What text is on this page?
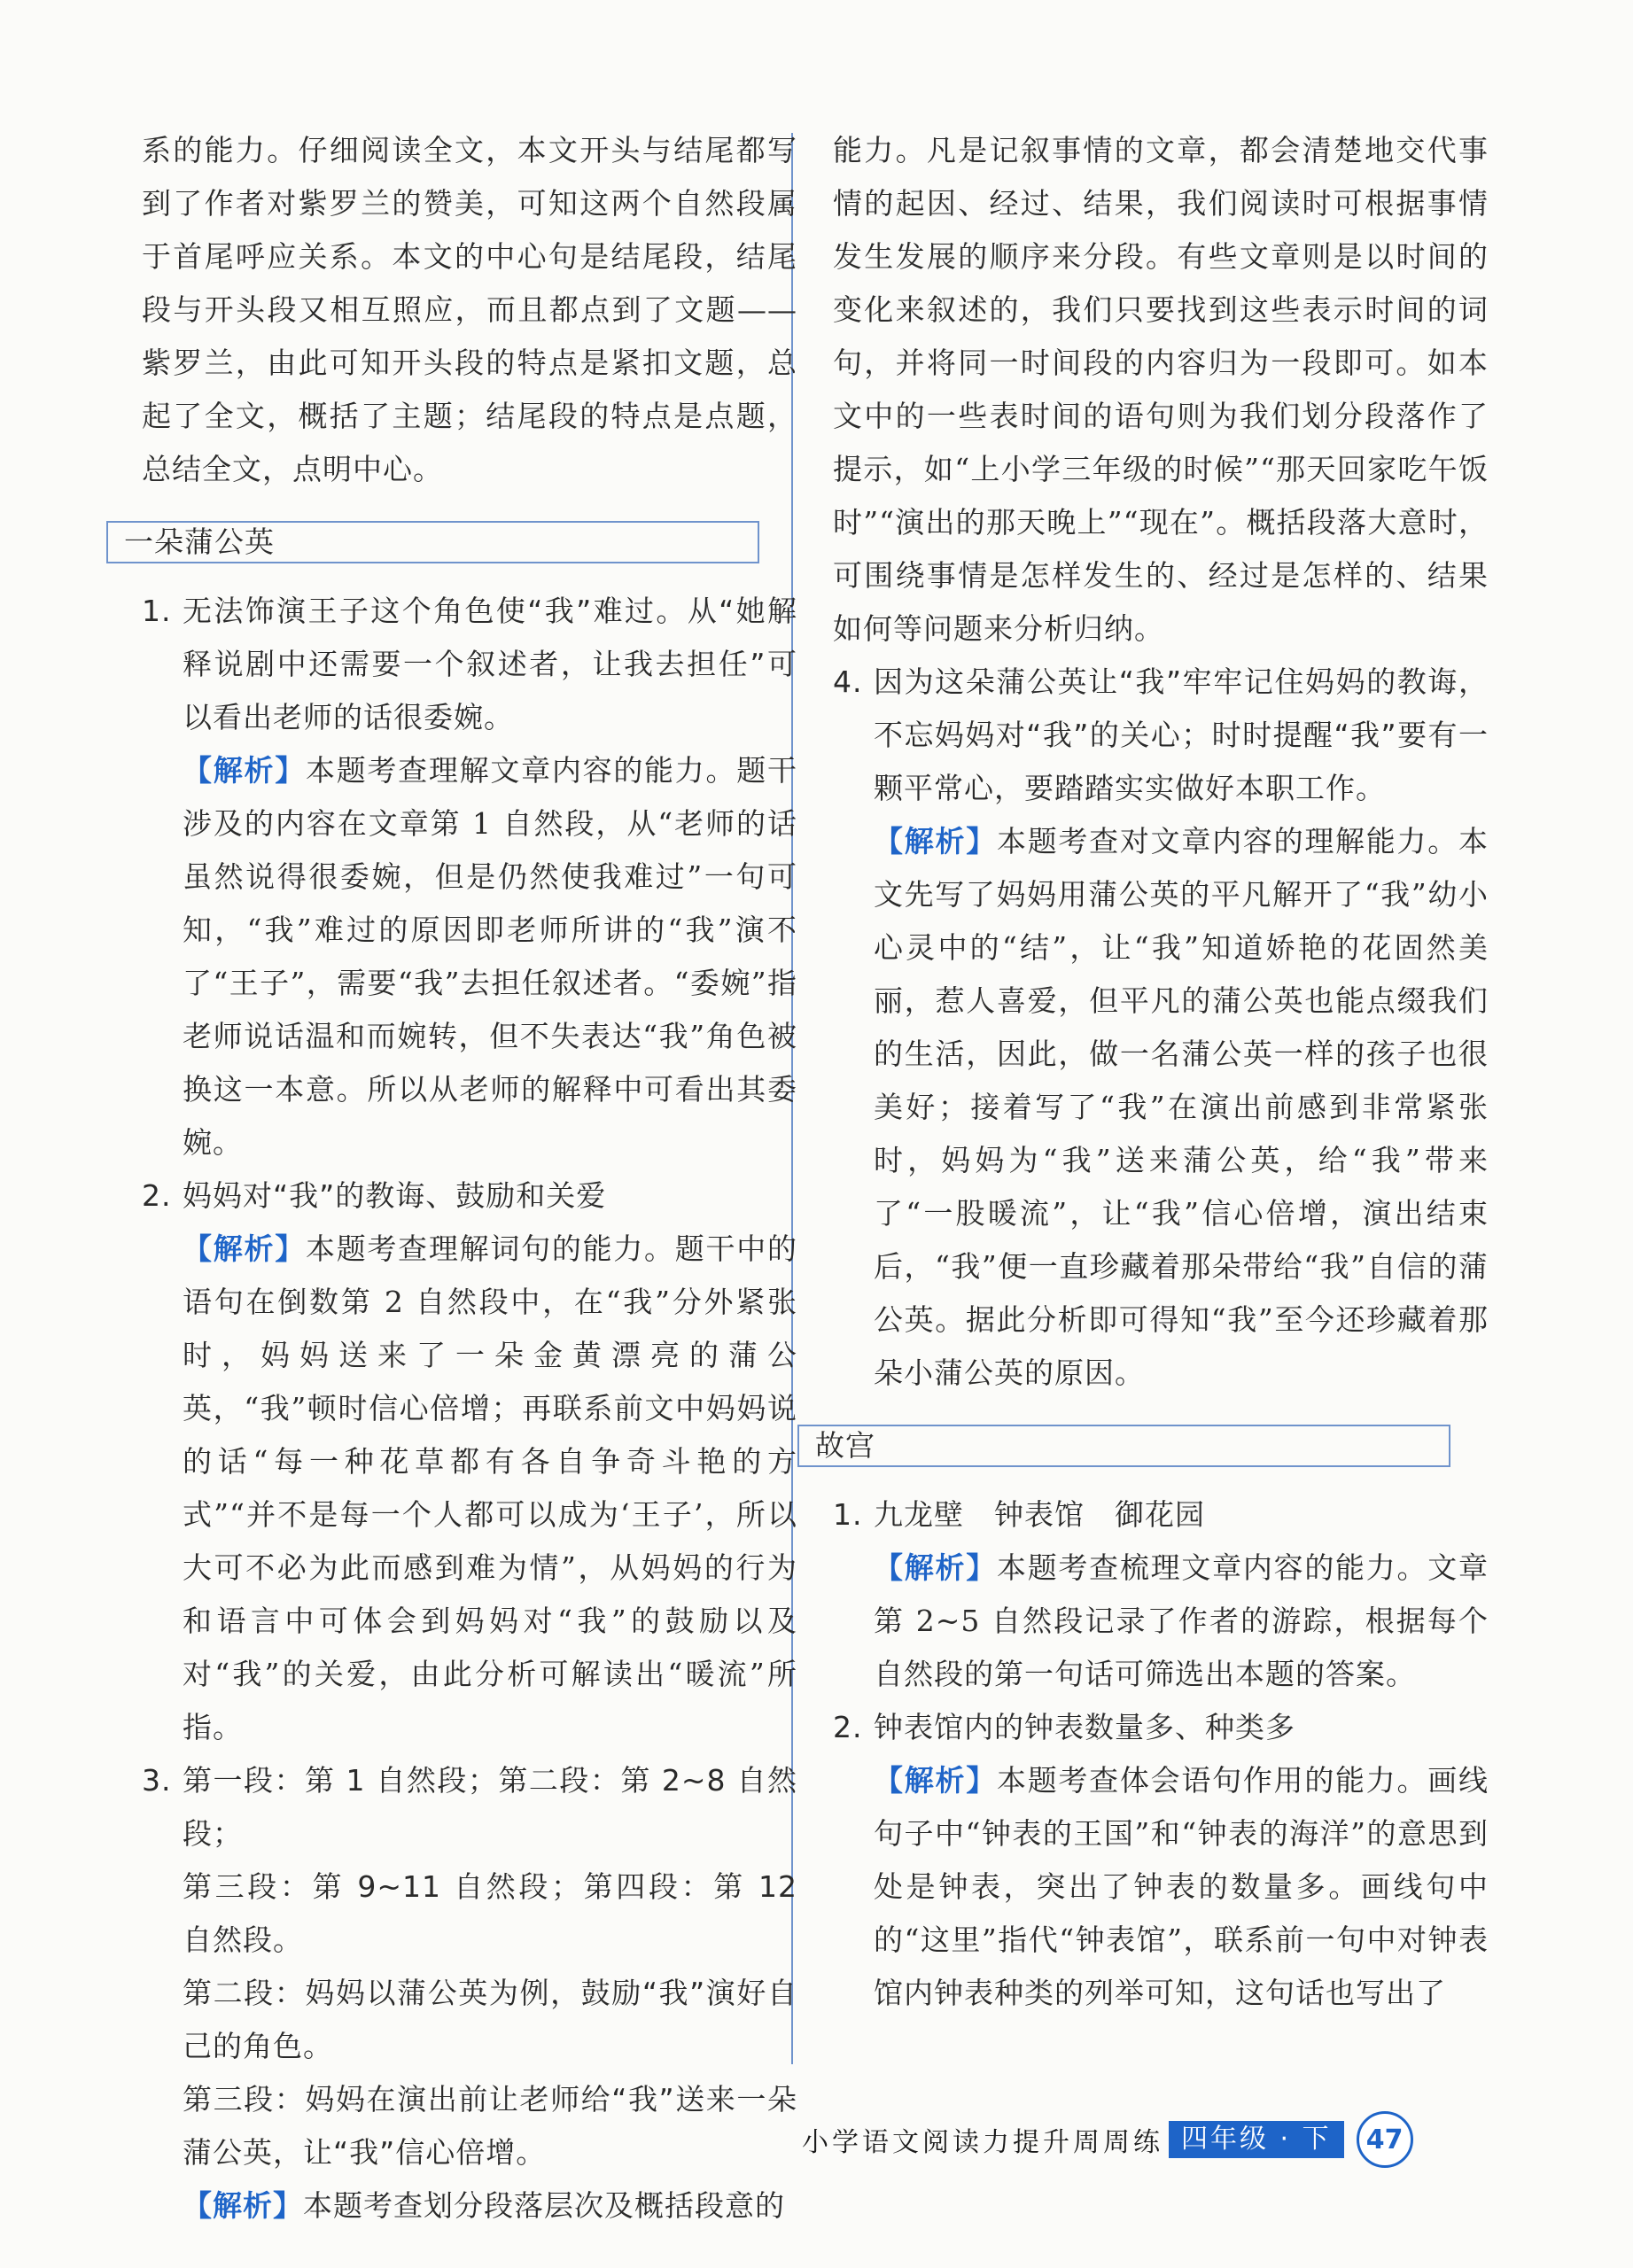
系的能力。仔细阅读全文，本文开头与结尾都写到了作者对紫罗兰的赞美，可知这两个自然段属于首尾呼应关系。本文的中心句是结尾段，结尾段与开头段又相互照应，而且都点到了文题——紫罗兰，由此可知开头段的特点是紧扣文题，总起了全文，概括了主题；结尾段的特点是点题，总结全文，点明中心。

一朵蒲公英
1. 无法饰演王子这个角色使“我”难过。从“她解释说剧中还需要一个叙述者，让我去担任”可以看出老师的话很委婉。

【解析】本题考查理解文章内容的能力。题干涉及的内容在文章第 1 自然段，从“老师的话虽然说得很委婉，但是仍然使我难过”一句可知，“我”难过的原因即老师所讲的“我”演不了“王子”，需要“我”去担任叙述者。“委婉”指老师说话温和而婉转，但不失表达“我”角色被换这一本意。所以从老师的解释中可看出其委婉。

2. 妈妈对“我”的教诲、鼓励和关爱

【解析】本题考查理解词句的能力。题干中的语句在倒数第 2 自然段中，在“我”分外紧张时，妈妈送来了一朵金黄漂亮的蒲公英，“我”顿时信心倍增；再联系前文中妈妈说的话“每一种花草都有各自争奇斗艳的方式”“并不是每一个人都可以成为‘王子’，所以大可不必为此而感到难为情”，从妈妈的行为和语言中可体会到妈妈对“我”的鼓励以及对“我”的关爱，由此分析可解读出“暖流”所指。

3. 第一段：第 1 自然段；第二段：第 2~8 自然段；

第三段：第 9~11 自然段；第四段：第 12 自然段。

第二段：妈妈以蒲公英为例，鼓励“我”演好自己的角色。

第三段：妈妈在演出前让老师给“我”送来一朵蒲公英，让“我”信心倍增。

【解析】本题考查划分段落层次及概括段意的

能力。凡是记叙事情的文章，都会清楚地交代事情的起因、经过、结果，我们阅读时可根据事情发生发展的顺序来分段。有些文章则是以时间的变化来叙述的，我们只要找到这些表示时间的词句，并将同一时间段的内容归为一段即可。如本文中的一些表时间的语句则为我们划分段落作了提示，如“上小学三年级的时候”“那天回家吃午饭时”“演出的那天晚上”“现在”。概括段落大意时，可围绕事情是怎样发生的、经过是怎样的、结果如何等问题来分析归纳。

4. 因为这朵蒲公英让“我”牢牢记住妈妈的教诲，不忘妈妈对“我”的关心；时时提醒“我”要有一颗平常心，要踏踏实实做好本职工作。

【解析】本题考查对文章内容的理解能力。本文先写了妈妈用蒲公英的平凡解开了“我”幼小心灵中的“结”，让“我”知道娇艳的花固然美丽，惹人喜爱，但平凡的蒲公英也能点缀我们的生活，因此，做一名蒲公英一样的孩子也很美好；接着写了“我”在演出前感到非常紧张时，妈妈为“我”送来蒲公英，给“我”带来了“一股暖流”，让“我”信心倍增，演出结束后，“我”便一直珍藏着那朵带给“我”自信的蒲公英。据此分析即可得知“我”至今还珍藏着那朵小蒲公英的原因。

故宫
1. 九龙壁　钟表馆　御花园

【解析】本题考查梳理文章内容的能力。文章第 2~5 自然段记录了作者的游踪，根据每个自然段的第一句话可筛选出本题的答案。

2. 钟表馆内的钟表数量多、种类多

【解析】本题考查体会语句作用的能力。画线句子中“钟表的王国”和“钟表的海洋”的意思到处是钟表，突出了钟表的数量多。画线句中的“这里”指代“钟表馆”，联系前一句中对钟表馆内钟表种类的列举可知，这句话也写出了

小学语文阅读力提升周周练 四年级 · 下	47
